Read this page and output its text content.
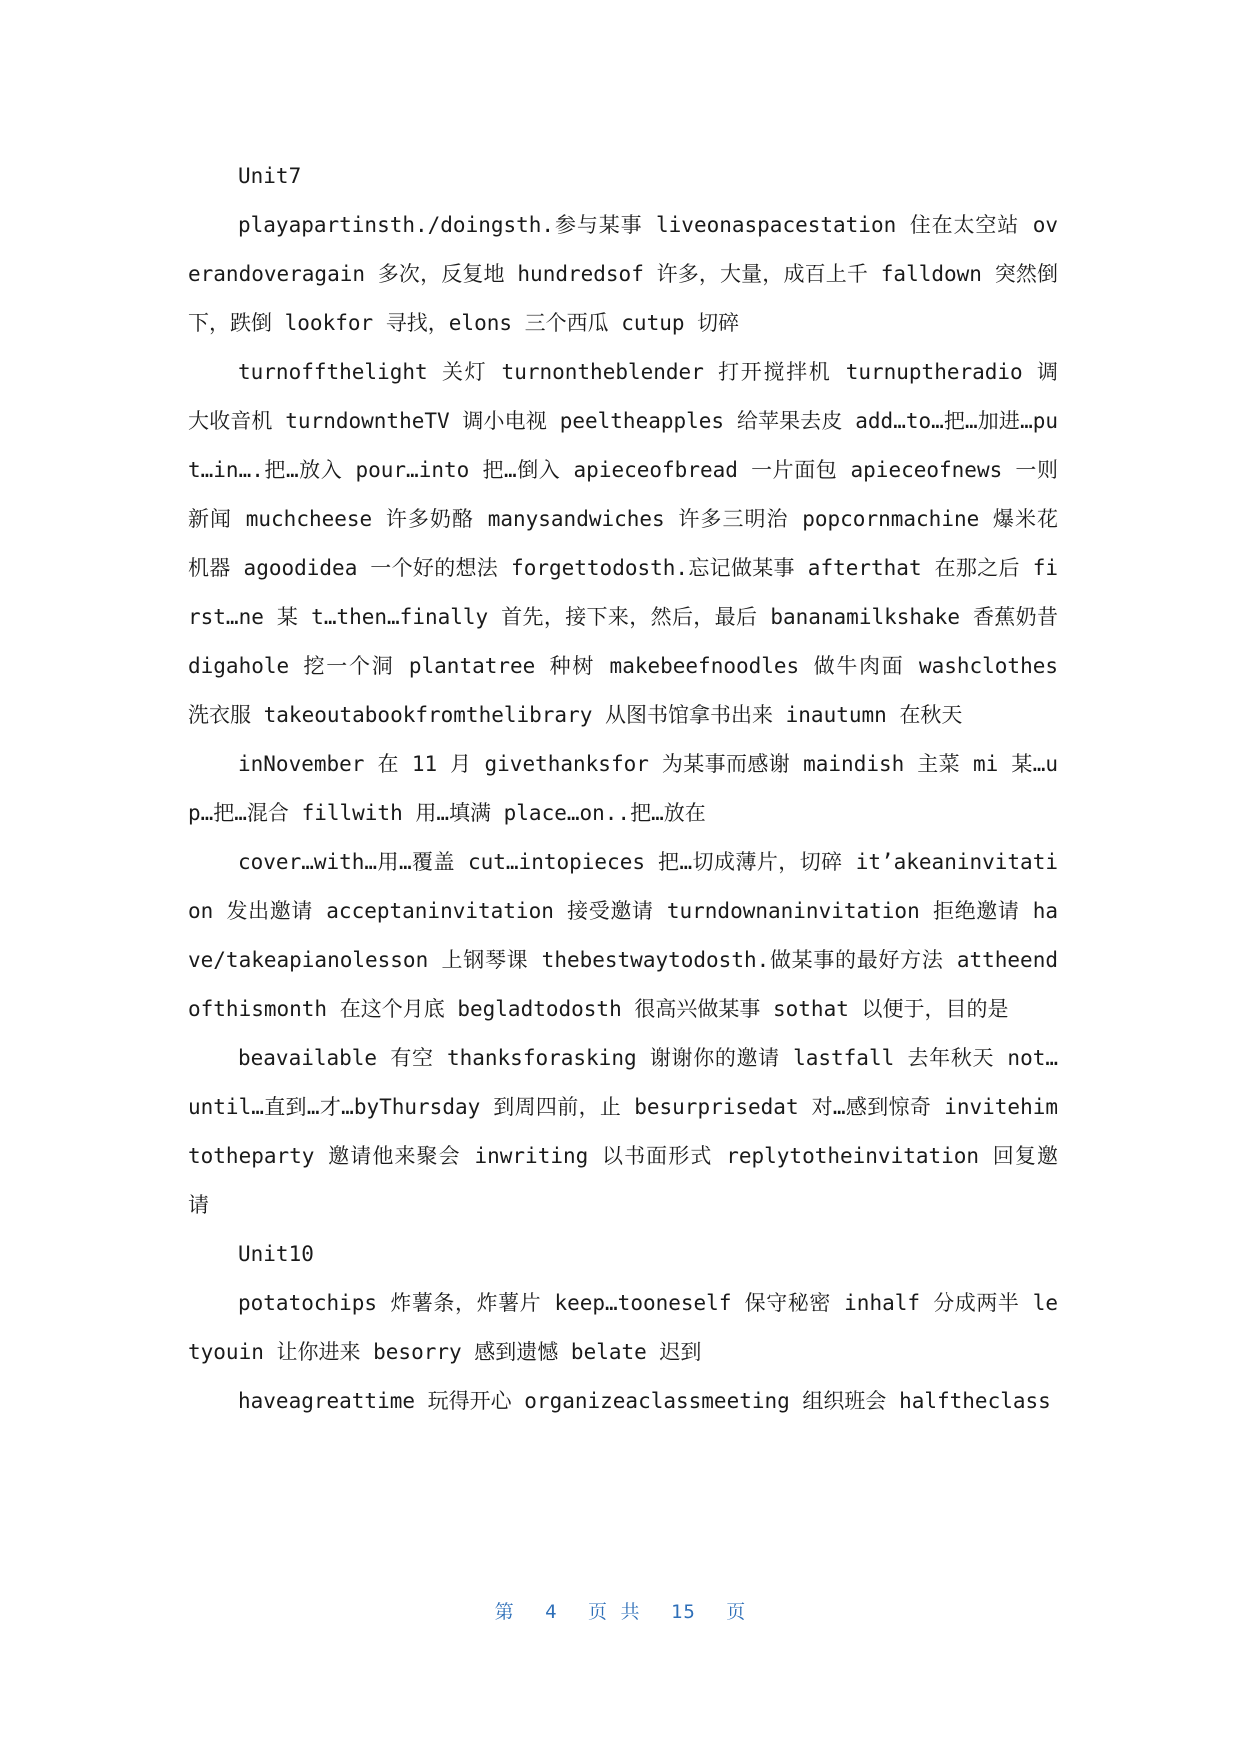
Unit7

playapartinsth./doingsth.参与某事 liveonaspacestation 住在太空站 overandoveragain 多次，反复地 hundredsof 许多，大量，成百上千 falldown 突然倒下，跌倒 lookfor 寻找，elons 三个西瓜 cutup 切碎

turnoffthelight 关灯 turnontheblender 打开搅拌机 turnuptheradio 调大收音机 turndowntheTV 调小电视 peeltheapples 给苹果去皮 add…to…把…加进…put…in….把…放入 pour…into 把…倒入 apieceofbread 一片面包 apieceofnews 一则新闻 muchcheese 许多奶酪 manysandwiches 许多三明治 popcornmachine 爆米花机器 agoodidea 一个好的想法 forgettodosth.忘记做某事 afterthat 在那之后 first…ne 某 t…then…finally 首先，接下来，然后，最后 bananamilkshake 香蕉奶昔 digahole 挖一个洞 plantatree 种树 makebeefnoodles 做牛肉面 washclothes 洗衣服 takeoutabookfromthelibrary 从图书馆拿书出来 inautumn 在秋天

inNovember 在 11 月 givethanksfor 为某事而感谢 maindish 主菜 mi 某…up…把…混合 fillwith 用…填满 place…on..把…放在

cover…with…用…覆盖 cut…intopieces 把…切成薄片，切碎 it’akeaninvitation 发出邀请 acceptaninvitation 接受邀请 turndownaninvitation 拒绝邀请 have/takeapianolesson 上钢琴课 thebestwaytodosth.做某事的最好方法 attheendofthismonth 在这个月底 begladtodosth 很高兴做某事 sothat 以便于，目的是

beavailable 有空 thanksforasking 谢谢你的邀请 lastfall 去年秋天 not…until…直到…才…byThursday 到周四前，止 besurprisedat 对…感到惊奇 invitehimtotheparty 邀请他来聚会 inwriting 以书面形式 replytotheinvitation 回复邀请

Unit10

potatochips 炸薯条，炸薯片 keep…tooneself 保守秘密 inhalf 分成两半 letyouin 让你进来 besorry 感到遗憾 belate 迟到

haveagreattime 玩得开心 organizeaclassmeeting 组织班会 halftheclass

第 4 页 共 15 页
